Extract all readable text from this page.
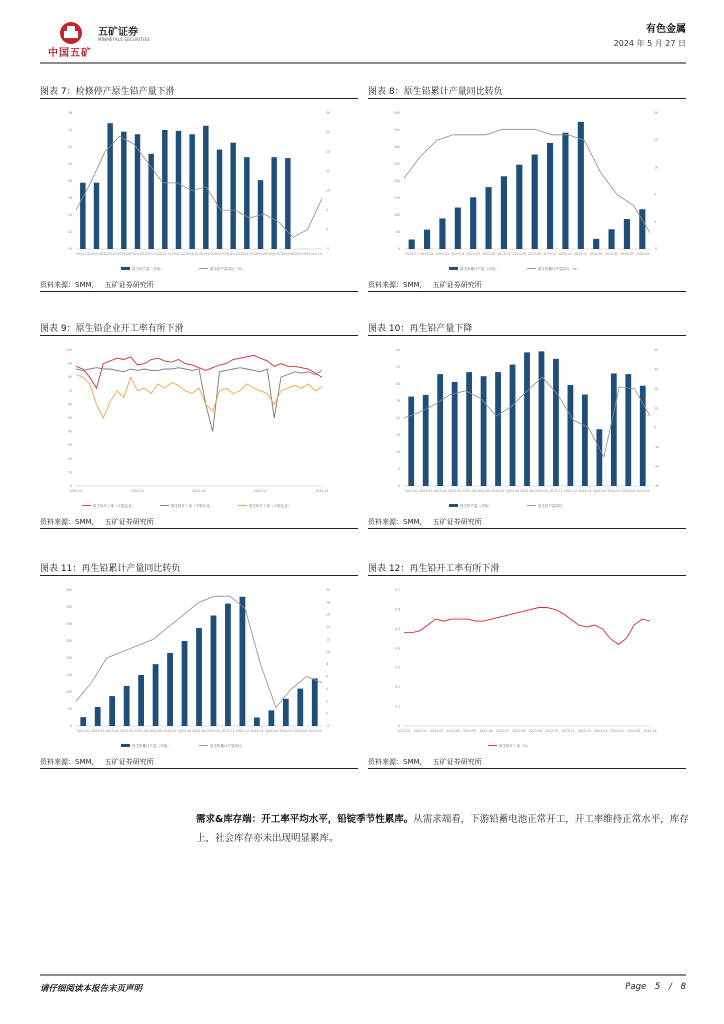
中国五矿
五矿证券
MINMETALS SECURITIES
有色金属
2024 年 5 月 27 日
图表 7：检修停产原生铅产量下滑
20
22
24
26
28
30
32
34
36
-5
0
5
10
15
20
25
30
2023-05 2023-06 2023-07 2023-08 2023-09 2023-10 2023-11 2023-12 2024-01 2024-02 2024-03 2024-04 2024-05 2024-06 2024-07 2024-08 2024-09 2024-10
原生铅产量（万吨）	原生铅产量同比（%）
资料来源：SMM， 五矿证券研究所
图表 8：原生铅累计产量同比转负
0
50
100
150
200
250
300
350
400
-5
0
5
10
15
20
2023-01 2023-02 2023-03 2023-04 2023-05 2023-06 2023-07 2023-08 2023-09 2023-10 2023-11 2023-12 2024-01 2024-02 2024-03 2024-04
原生铅累计产量（万吨）	原生铅累计产量同比（%）
资料来源：SMM， 五矿证券研究所
图表 9：原生铅企业开工率有所下滑
0
10
20
30
40
50
60
70
80
90
100
2020-01	2021-01	2022-01	2023-01	2024-01
原生铅开工率（大型企业）	原生铅开工率（中型企业）	原生铅开工率（小型企业）
资料来源：SMM， 五矿证券研究所
图表 10：再生铅产量下降
0
5
10
15
20
25
30
35
40
-30
-20
-10
0
10
20
30
40
2023-01 2023-02 2023-03 2023-04 2023-05 2023-06 2023-07 2023-08 2023-09 2023-10 2023-11 2023-12 2024-01 2024-02 2024-03 2024-04 2023-01
再生铅产量（万吨）	再生铅产量同比
资料来源：SMM， 五矿证券研究所
图表 11：再生铅累计产量同比转负
0
50
100
150
200
250
300
350
400
-2
0
2
4
6
8
10
12
14
16
18
20
2023-01 2023-02 2023-03 2023-04 2023-05 2023-06 2023-07 2023-08 2023-09 2023-10 2023-11 2023-12 2024-01 2024-02 2024-03 2024-04 2023-01
再生铅累计产量（万吨）	再生铅累计产量同比
资料来源：SMM， 五矿证券研究所
图表 12：再生铅开工率有所下滑
0
0.1
0.2
0.3
0.4
0.5
0.6
0.7
2023-01 2023-02 2023-03 2023-04 2023-05 2023-06 2023-07 2023-08 2023-09 2023-10 2023-11 2023-12 2024-01 2024-02 2024-03 2024-04
再生铅开工率（%）
资料来源：SMM， 五矿证券研究所
需求&库存端：开工率平均水平，铅锭季节性累库。从需求端看，下游铅蓄电池正常开工，开工率维持正常水平，库存上，社会库存亦未出现明显累库。
请仔细阅读本报告末页声明	Page 5 / 8
